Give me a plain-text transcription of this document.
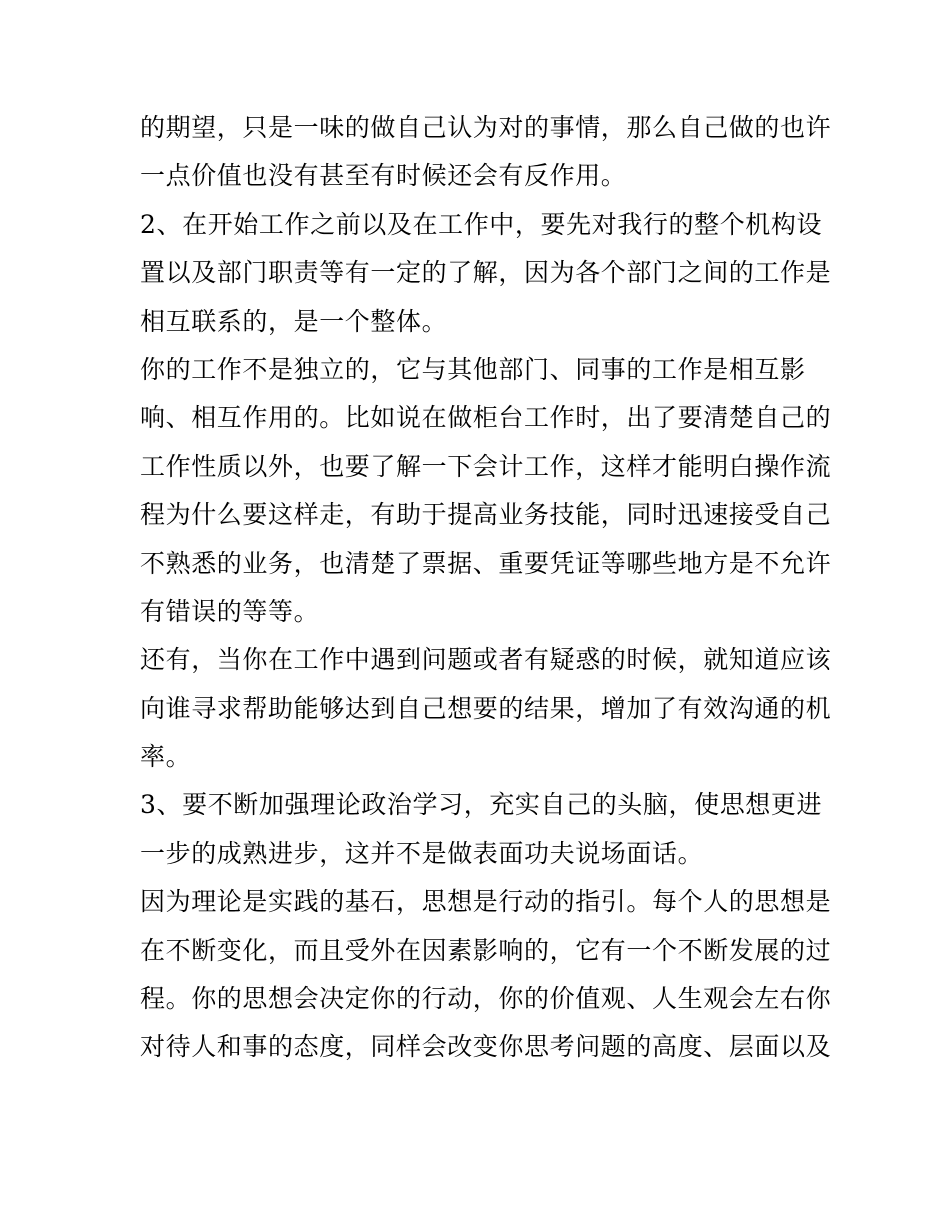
的期望，只是一味的做自己认为对的事情，那么自己做的也许
一点价值也没有甚至有时候还会有反作用。
2、在开始工作之前以及在工作中，要先对我行的整个机构设
置以及部门职责等有一定的了解，因为各个部门之间的工作是
相互联系的，是一个整体。
你的工作不是独立的，它与其他部门、同事的工作是相互影
响、相互作用的。比如说在做柜台工作时，出了要清楚自己的
工作性质以外，也要了解一下会计工作，这样才能明白操作流
程为什么要这样走，有助于提高业务技能，同时迅速接受自己
不熟悉的业务，也清楚了票据、重要凭证等哪些地方是不允许
有错误的等等。
还有，当你在工作中遇到问题或者有疑惑的时候，就知道应该
向谁寻求帮助能够达到自己想要的结果，增加了有效沟通的机
率。
3、要不断加强理论政治学习，充实自己的头脑，使思想更进
一步的成熟进步，这并不是做表面功夫说场面话。
因为理论是实践的基石，思想是行动的指引。每个人的思想是
在不断变化，而且受外在因素影响的，它有一个不断发展的过
程。你的思想会决定你的行动，你的价值观、人生观会左右你
对待人和事的态度，同样会改变你思考问题的高度、层面以及
